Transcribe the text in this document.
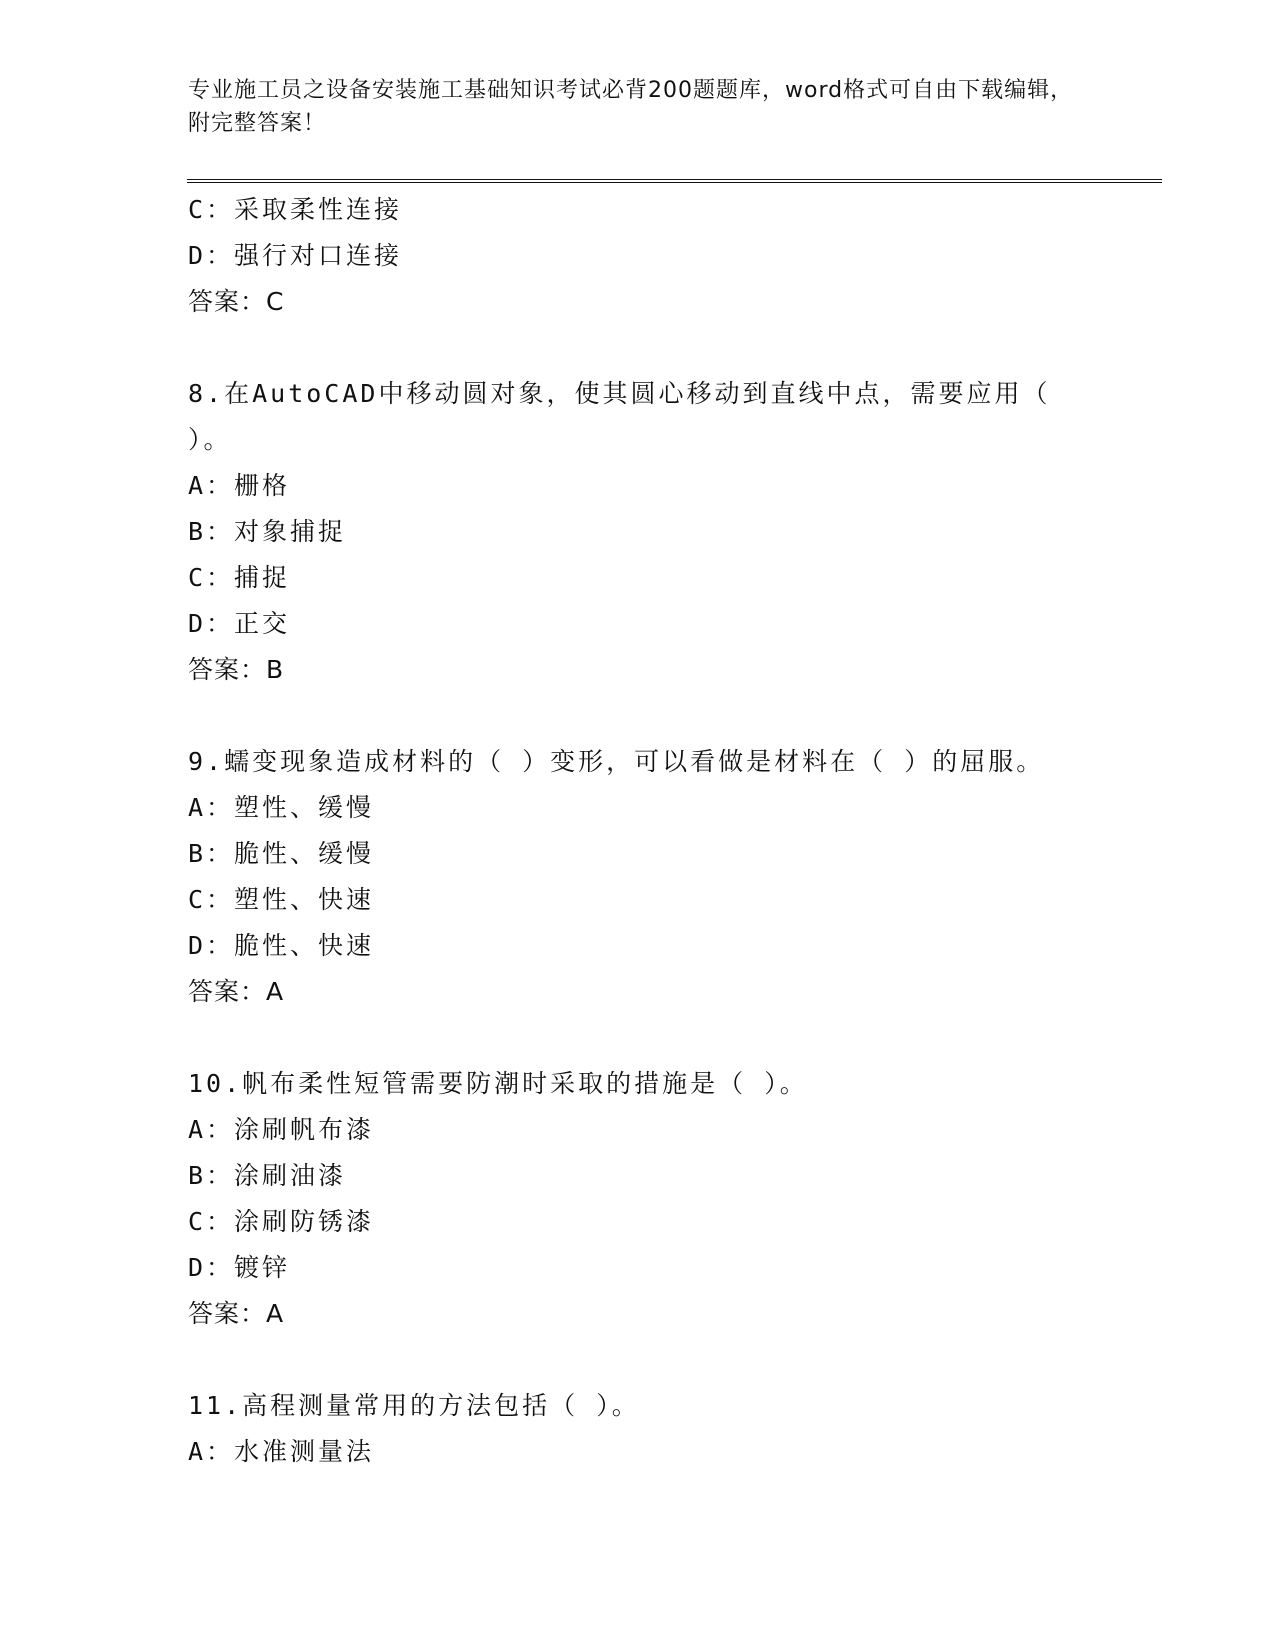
专业施工员之设备安装施工基础知识考试必背200题题库，word格式可自由下载编辑，附完整答案！

C：采取柔性连接

D：强行对口连接

答案：C

8.在AutoCAD中移动圆对象，使其圆心移动到直线中点，需要应用（ ）。

A：栅格

B：对象捕捉

C：捕捉

D：正交

答案：B

9.蠕变现象造成材料的（ ）变形，可以看做是材料在（ ）的屈服。

A：塑性、缓慢

B：脆性、缓慢

C：塑性、快速

D：脆性、快速

答案：A

10.帆布柔性短管需要防潮时采取的措施是（ ）。

A：涂刷帆布漆

B：涂刷油漆

C：涂刷防锈漆

D：镀锌

答案：A

11.高程测量常用的方法包括（ ）。

A：水准测量法
